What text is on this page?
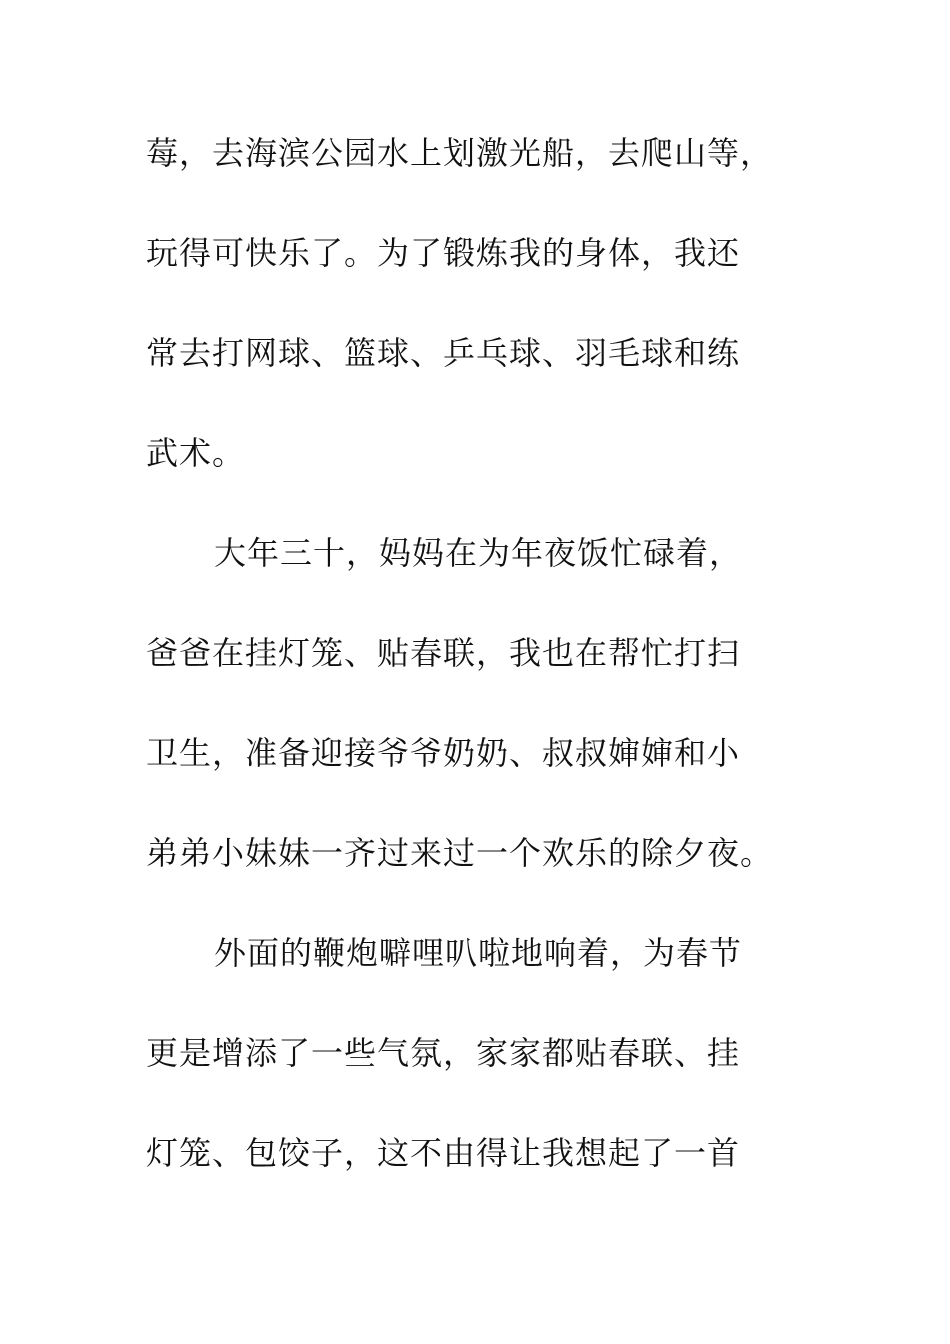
莓，去海滨公园水上划激光船，去爬山等，
玩得可快乐了。为了锻炼我的身体，我还
常去打网球、篮球、乒乓球、羽毛球和练
武术。
大年三十，妈妈在为年夜饭忙碌着，
爸爸在挂灯笼、贴春联，我也在帮忙打扫
卫生，准备迎接爷爷奶奶、叔叔婶婶和小
弟弟小妹妹一齐过来过一个欢乐的除夕夜。
外面的鞭炮噼哩叭啦地响着，为春节
更是增添了一些气氛，家家都贴春联、挂
灯笼、包饺子，这不由得让我想起了一首
